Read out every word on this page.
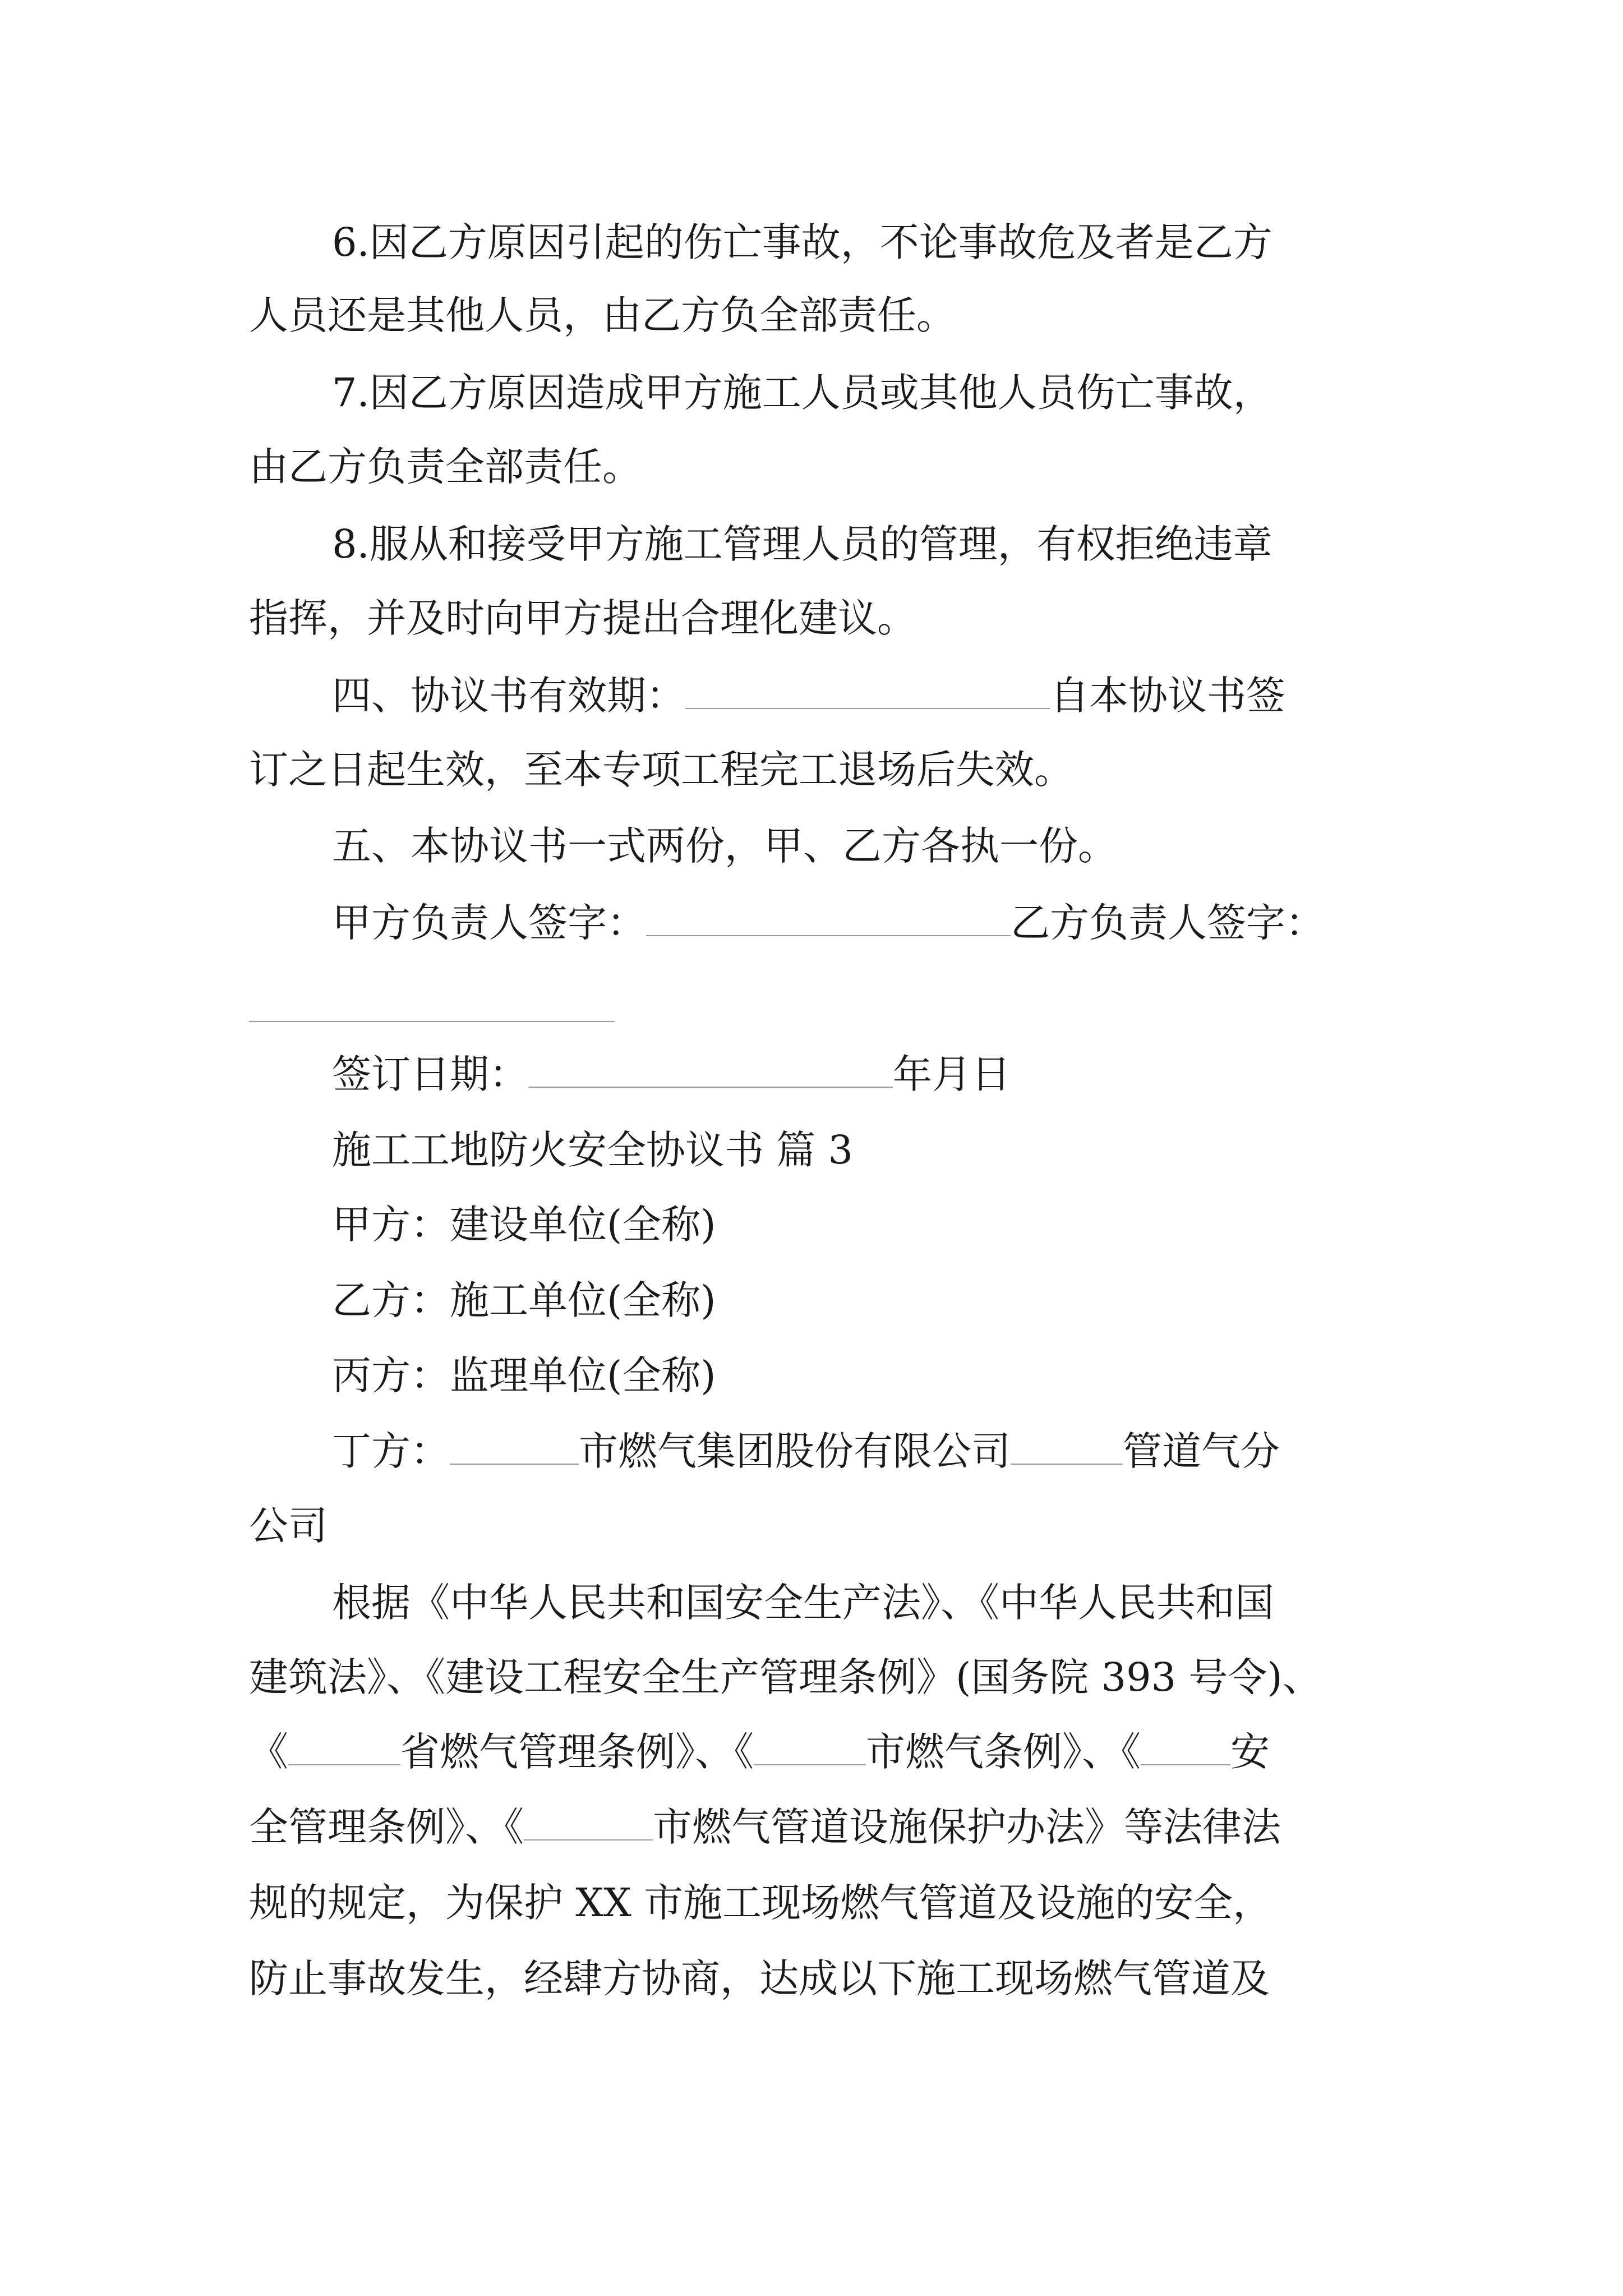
6.因乙方原因引起的伤亡事故，不论事故危及者是乙方
人员还是其他人员，由乙方负全部责任。
7.因乙方原因造成甲方施工人员或其他人员伤亡事故，
由乙方负责全部责任。
8.服从和接受甲方施工管理人员的管理，有权拒绝违章
指挥，并及时向甲方提出合理化建议。
四、协议书有效期：	自本协议书签
订之日起生效，至本专项工程完工退场后失效。
五、本协议书一式两份，甲、乙方各执一份。
甲方负责人签字：	乙方负责人签字：
签订日期：	年月日
施工工地防火安全协议书 篇 3
甲方：建设单位(全称)
乙方：施工单位(全称)
丙方：监理单位(全称)
丁方：	市燃气集团股份有限公司	管道气分
公司
根据《中华人民共和国安全生产法》、《中华人民共和国
建筑法》、《建设工程安全生产管理条例》(国务院 393 号令)、
《	省燃气管理条例》、《	市燃气条例》、《 安
全管理条例》、《	市燃气管道设施保护办法》等法律法
规的规定，为保护 XX 市施工现场燃气管道及设施的安全，
防止事故发生，经肆方协商，达成以下施工现场燃气管道及
